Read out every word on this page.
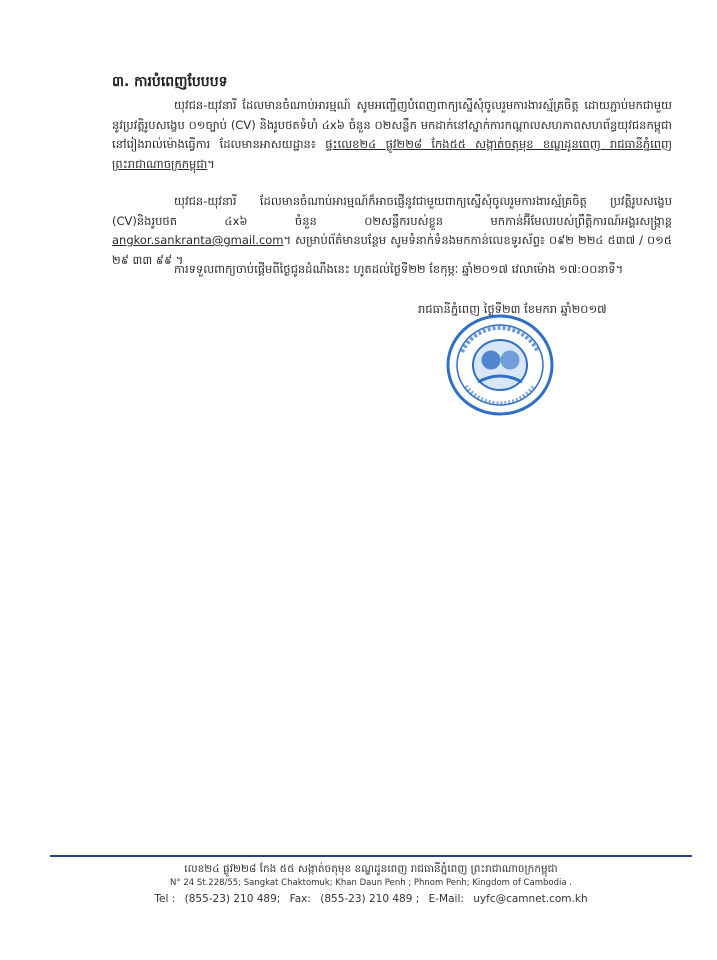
៣. ការបំពេញបែបបទ

យុវជន-យុវនារី ដែលមានចំណាប់អារម្មណ៍ សូមអញ្ជើញបំពេញពាក្យស្នើសុំចូលរួមការងារស្ម័គ្រចិត្ត ដោយភ្ជាប់មកជាមួយនូវប្រវត្តិរូបសង្ខេប ០១ច្បាប់ (CV) និងរូបថតទំហំ ៤x៦ ចំនួន ០២សន្លឹក មកដាក់នៅស្នាក់ការកណ្ដាលសហភាពសហព័ន្ធយុវជនកម្ពុជា នៅរៀងរាល់ម៉ោងធ្វើការ ដែលមានអាសយដ្ឋាន៖ ផ្ទះលេខ២៤ ផ្លូវ២២៨ កែង៥៥ សង្កាត់ចតុមុខ ខណ្ឌដូនពេញ រាជធានីភ្នំពេញ ព្រះរាជាណាចក្រកម្ពុជា។

យុវជន-យុវនារី ដែលមានចំណាប់អារម្មណ៍ក៏អាចផ្ញើនូវជាមួយពាក្យស្នើសុំចូលរួមការងារស្ម័គ្រចិត្ត ប្រវត្តិរូបសង្ខេប (CV)និងរូបថត ៤x៦ ចំនួន ០២សន្លឹករបស់ខ្លួន មកកាន់អ៊ីមែលរបស់ព្រឹត្តិការណ៍អង្គរសង្ក្រាន្ត angkor.sankranta@gmail.com។ សម្រាប់ព័ត៌មានបន្ថែម សូមទំនាក់ទំនងមកកាន់លេខទូរស័ព្ទ៖ ០៩២ ២២៤ ៥៣៧ / ០១៥ ២៩ ៣៣ ៩៩ ។

ការទទួលពាក្យចាប់ផ្ដើមពីថ្ងៃជូនដំណឹងនេះ ហូតដល់ថ្ងៃទី២២ ខែកុម្ភៈ ឆ្នាំ២០១៧ វេលាម៉ោង ១៧:០០នាទី។

រាជធានីភ្នំពេញ ថ្ងៃទី២៣ ខែមករា ឆ្នាំ២០១៧
លេខ២៤ ផ្លូវ២២៨ កែង ៥៥ សង្កាត់ចតុមុខ ខណ្ឌដូនពេញ រាជធានីភ្នំពេញ ព្រះរាជាណាចក្រកម្ពុជា
N° 24 St.228/55; Sangkat Chaktomuk; Khan Daun Penh ; Phnom Penh; Kingdom of Cambodia .
Tel : (855-23) 210 489; Fax: (855-23) 210 489 ; E-Mail: uyfc@camnet.com.kh
